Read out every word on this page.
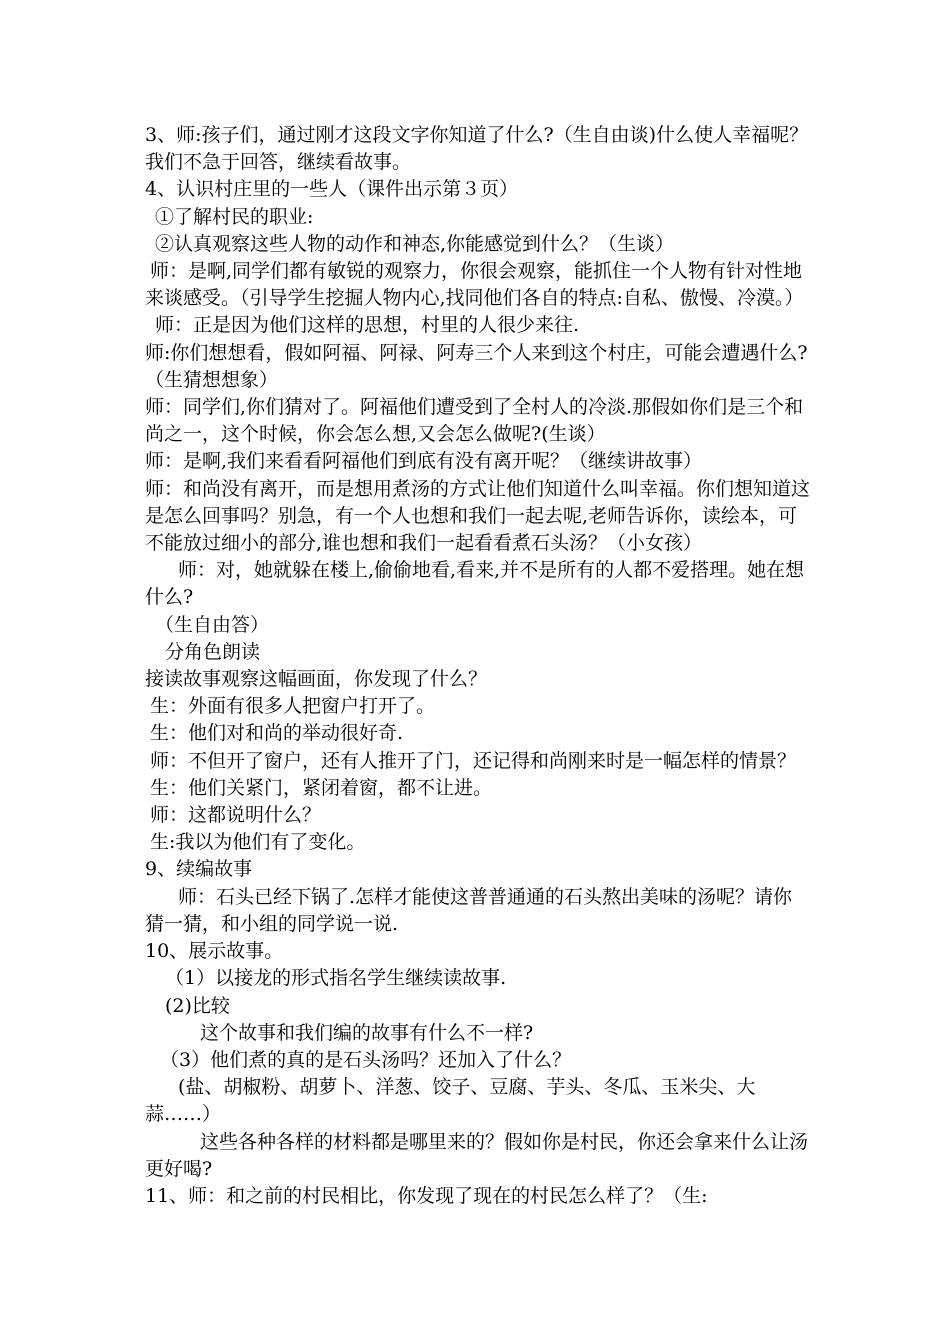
3、师:孩子们，通过刚才这段文字你知道了什么?（生自由谈)什么使人幸福呢？我们不急于回答，继续看故事。

4、认识村庄里的一些人（课件出示第３页）

①了解村民的职业:

②认真观察这些人物的动作和神态,你能感觉到什么？（生谈）

师：是啊,同学们都有敏锐的观察力，你很会观察，能抓住一个人物有针对性地来谈感受。（引导学生挖掘人物内心,找同他们各自的特点:自私、傲慢、冷漠。）

师：正是因为他们这样的思想，村里的人很少来往.

师:你们想想看，假如阿福、阿禄、阿寿三个人来到这个村庄，可能会遭遇什么?（生猜想想象）

师：同学们,你们猜对了。阿福他们遭受到了全村人的冷淡.那假如你们是三个和尚之一，这个时候，你会怎么想,又会怎么做呢?(生谈）

师：是啊,我们来看看阿福他们到底有没有离开呢？（继续讲故事）

师：和尚没有离开，而是想用煮汤的方式让他们知道什么叫幸福。你们想知道这是怎么回事吗？别急，有一个人也想和我们一起去呢,老师告诉你，读绘本，可不能放过细小的部分,谁也想和我们一起看看煮石头汤？（小女孩）

师：对，她就躲在楼上,偷偷地看,看来,并不是所有的人都不爱搭理。她在想什么?

（生自由答）

分角色朗读

接读故事观察这幅画面，你发现了什么？

生：外面有很多人把窗户打开了。

生：他们对和尚的举动很好奇.

师：不但开了窗户，还有人推开了门，还记得和尚刚来时是一幅怎样的情景？

生：他们关紧门，紧闭着窗，都不让进。

师：这都说明什么？

生:我以为他们有了变化。

9、续编故事

师：石头已经下锅了.怎样才能使这普普通通的石头熬出美味的汤呢？请你猜一猜，和小组的同学说一说.

10、展示故事。

（1）以接龙的形式指名学生继续读故事.

(2)比较

这个故事和我们编的故事有什么不一样?

（3）他们煮的真的是石头汤吗？还加入了什么？

(盐、胡椒粉、胡萝卜、洋葱、饺子、豆腐、芋头、冬瓜、玉米尖、大蒜……）

这些各种各样的材料都是哪里来的？假如你是村民，你还会拿来什么让汤更好喝?

11、师：和之前的村民相比，你发现了现在的村民怎么样了？（生:
